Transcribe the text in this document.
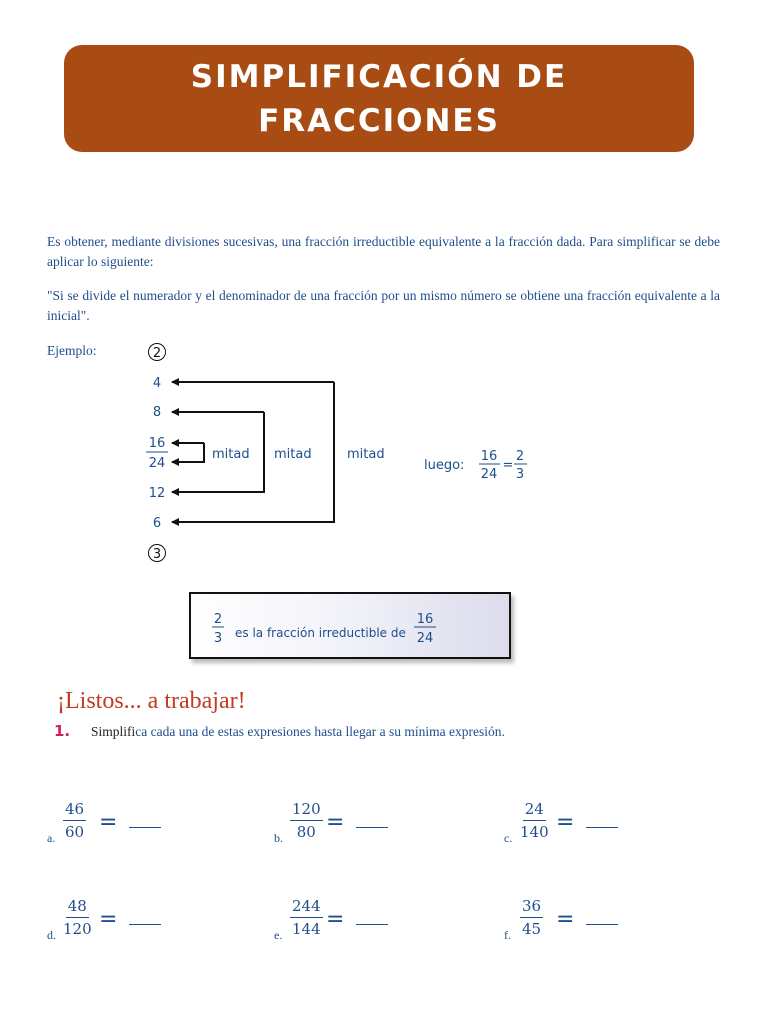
SIMPLIFICACIÓN DE
FRACCIONES
Es obtener, mediante divisiones sucesivas, una fracción irreductible equivalente a la fracción dada. Para simplificar se debe aplicar lo siguiente:
"Si se divide el numerador y el denominador de una fracción por un mismo número se obtiene una fracción equivalente a la inicial".
Ejemplo:	2
3
4
8
16
24
12
6
mitad mitad	mitad
luego:
16
24
=
2
3
2
3 es la fracción irreductible de
16
24
¡Listos... a trabajar!
1. Simplifica cada una de estas expresiones hasta llegar a su mínima expresión.
a. $\frac{46}{60}$ =
b. $\frac{120}{80}$ =
c. $\frac{24}{140}$ =
d. $\frac{48}{120}$ =
e. $\frac{244}{144}$ =
f. $\frac{36}{45}$ =
